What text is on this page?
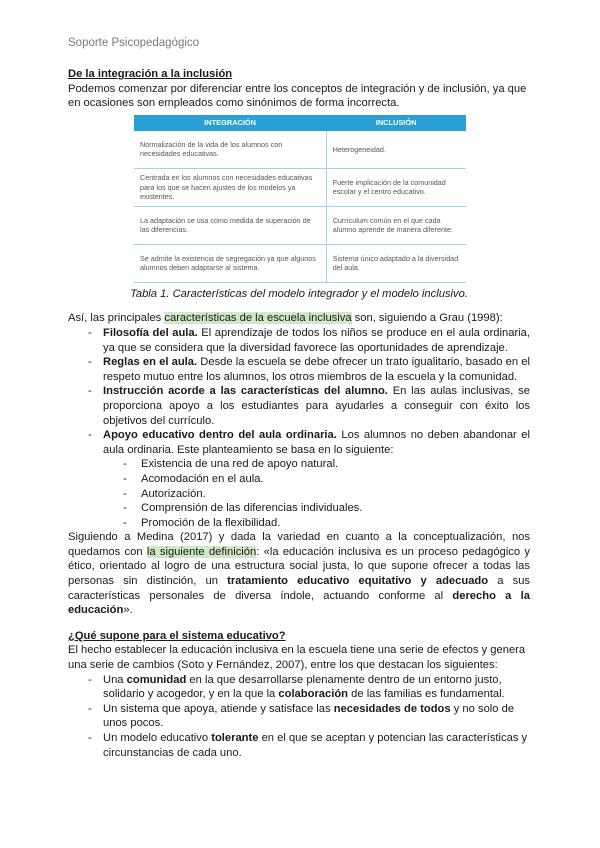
Soporte Psicopedagógico

De la integración a la inclusión

Podemos comenzar por diferenciar entre los conceptos de integración y de inclusión, ya que en ocasiones son empleados como sinónimos de forma incorrecta.

INTEGRACIÓN	INCLUSIÓN
Normalización de la vida de los alumnos con necesidades educativas.	Heterogeneidad.
Centrada en los alumnos con necesidades educativas para los que se hacen ajustes de los modelos ya existentes.	Fuerte implicación de la comunidad escolar y el centro educativo.
La adaptación se usa como medida de superación de las diferencias.	Currículum común en el que cada alumno aprende de manera diferente.
Se admite la existencia de segregación ya que algunos alumnos deben adaptarse al sistema.	Sistema único adaptado a la diversidad del aula.

Tabla 1. Características del modelo integrador y el modelo inclusivo.

Así, las principales características de la escuela inclusiva son, siguiendo a Grau (1998):

- Filosofía del aula. El aprendizaje de todos los niños se produce en el aula ordinaria, ya que se considera que la diversidad favorece las oportunidades de aprendizaje.
- Reglas en el aula. Desde la escuela se debe ofrecer un trato igualitario, basado en el respeto mutuo entre los alumnos, los otros miembros de la escuela y la comunidad.
- Instrucción acorde a las características del alumno. En las aulas inclusivas, se proporciona apoyo a los estudiantes para ayudarles a conseguir con éxito los objetivos del currículo.
- Apoyo educativo dentro del aula ordinaria. Los alumnos no deben abandonar el aula ordinaria. Este planteamiento se basa en lo siguiente:
- Existencia de una red de apoyo natural.
- Acomodación en el aula.
- Autorización.
- Comprensión de las diferencias individuales.
- Promoción de la flexibilidad.

Siguiendo a Medina (2017) y dada la variedad en cuanto a la conceptualización, nos quedamos con la siguiente definición: «la educación inclusiva es un proceso pedagógico y ético, orientado al logro de una estructura social justa, lo que supone ofrecer a todas las personas sin distinción, un tratamiento educativo equitativo y adecuado a sus características personales de diversa índole, actuando conforme al derecho a la educación».

¿Qué supone para el sistema educativo?

El hecho establecer la educación inclusiva en la escuela tiene una serie de efectos y genera una serie de cambios (Soto y Fernández, 2007), entre los que destacan los siguientes:

- Una comunidad en la que desarrollarse plenamente dentro de un entorno justo, solidario y acogedor, y en la que la colaboración de las familias es fundamental.
- Un sistema que apoya, atiende y satisface las necesidades de todos y no solo de unos pocos.
- Un modelo educativo tolerante en el que se aceptan y potencian las características y circunstancias de cada uno.
